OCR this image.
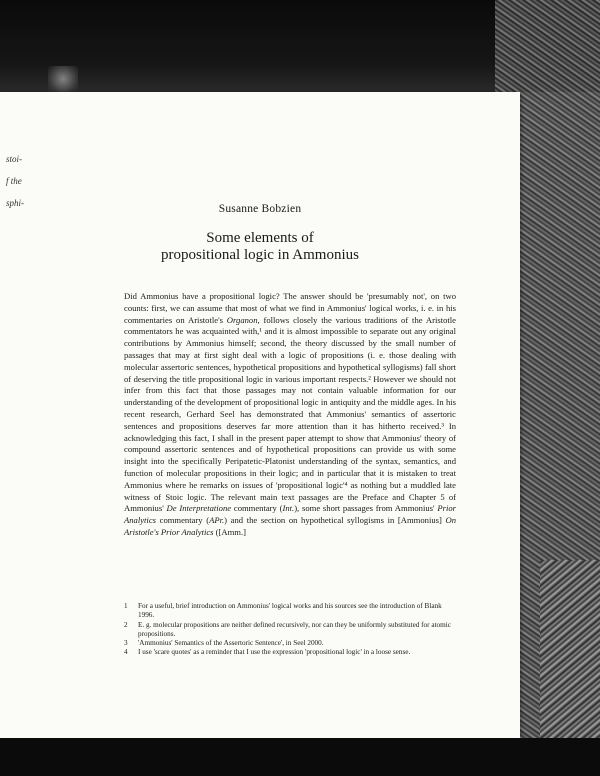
stoi-
f the
sphi-	Susanne Bobzien
Some elements of
propositional logic in Ammonius

Did Ammonius have a propositional logic? The answer should be 'presumably not', on two counts: first, we can assume that most of what we find in Ammonius' logical works, i. e. in his commentaries on Aristotle's Organon, follows closely the various traditions of the Aristotle commentators he was acquainted with,¹ and it is almost impossible to separate out any original contributions by Ammonius himself; second, the theory discussed by the small number of passages that may at first sight deal with a logic of propositions (i. e. those dealing with molecular assertoric sentences, hypothetical propositions and hypothetical syllogisms) fall short of deserving the title propositional logic in various important respects.² However we should not infer from this fact that those passages may not contain valuable information for our understanding of the development of propositional logic in antiquity and the middle ages. In his recent research, Gerhard Seel has demonstrated that Ammonius' semantics of assertoric sentences and propositions deserves far more attention than it has hitherto received.³ In acknowledging this fact, I shall in the present paper attempt to show that Ammonius' theory of compound assertoric sentences and of hypothetical propositions can provide us with some insight into the specifically Peripatetic-Platonist understanding of the syntax, semantics, and function of molecular propositions in their logic; and in particular that it is mistaken to treat Ammonius where he remarks on issues of 'propositional logic'⁴ as nothing but a muddled late witness of Stoic logic. The relevant main text passages are the Preface and Chapter 5 of Ammonius' De Interpretatione commentary (Int.), some short passages from Ammonius' Prior Analytics commentary (APr.) and the section on hypothetical syllogisms in [Ammonius] On Aristotle's Prior Analytics ([Amm.]

1	For a useful, brief introduction on Ammonius' logical works and his sources see the introduction of Blank 1996.
2	E. g. molecular propositions are neither defined recursively, nor can they be uniformly substituted for atomic propositions.
3	'Ammonius' Semantics of the Assertoric Sentence', in Seel 2000.
4	I use 'scare quotes' as a reminder that I use the expression 'propositional logic' in a loose sense.
